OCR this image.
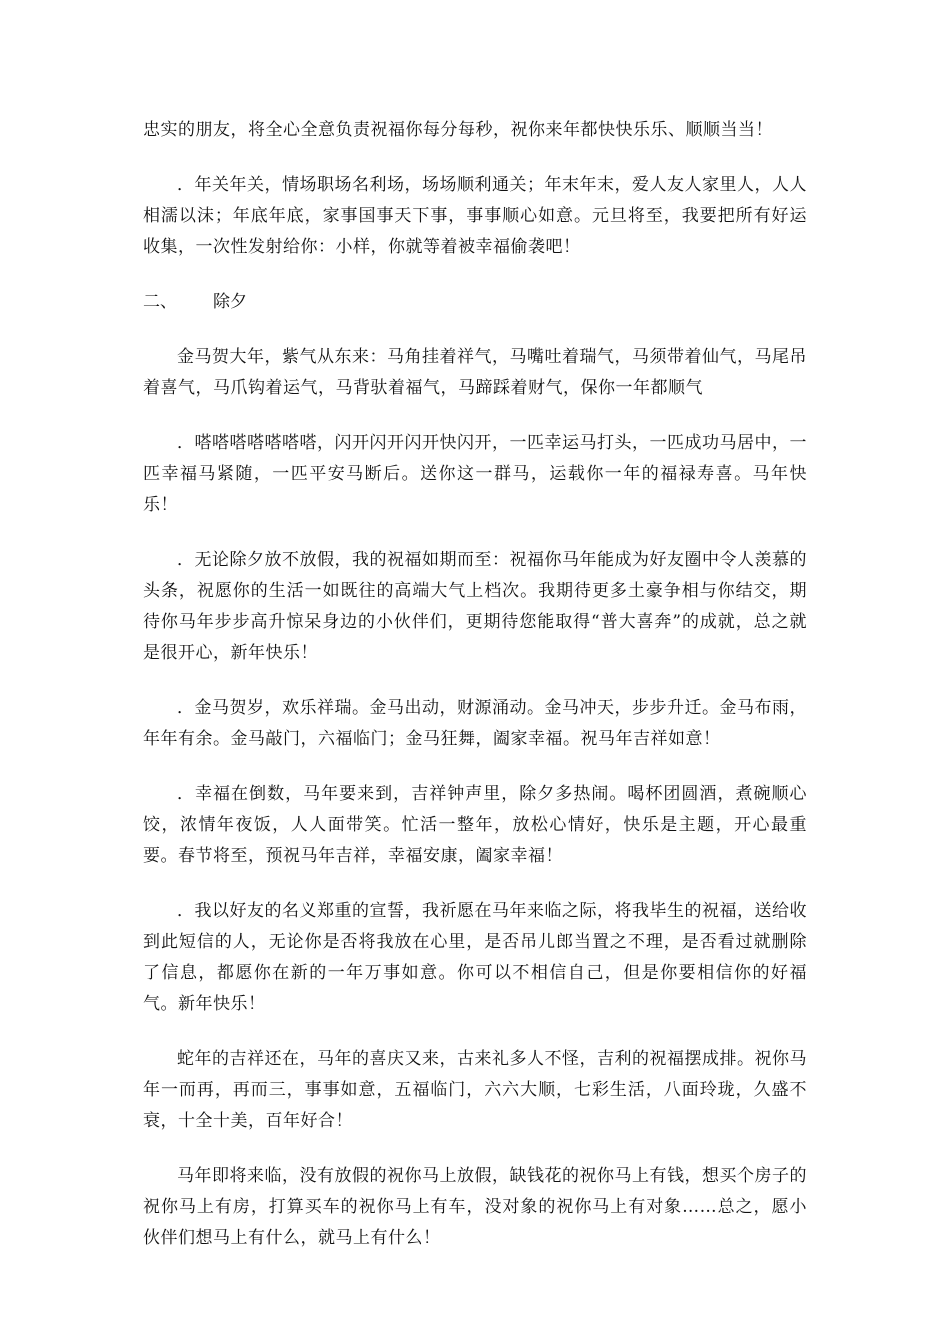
忠实的朋友，将全心全意负责祝福你每分每秒，祝你来年都快快乐乐、顺顺当当！

．年关年关，情场职场名利场，场场顺利通关；年末年末，爱人友人家里人，人人相濡以沫；年底年底，家事国事天下事，事事顺心如意。元旦将至，我要把所有好运收集，一次性发射给你：小样，你就等着被幸福偷袭吧！

二、	除夕

金马贺大年，紫气从东来：马角挂着祥气，马嘴吐着瑞气，马须带着仙气，马尾吊着喜气，马爪钩着运气，马背驮着福气，马蹄踩着财气，保你一年都顺气

．嗒嗒嗒嗒嗒嗒嗒，闪开闪开闪开快闪开，一匹幸运马打头，一匹成功马居中，一匹幸福马紧随，一匹平安马断后。送你这一群马，运载你一年的福禄寿喜。马年快乐！

．无论除夕放不放假，我的祝福如期而至：祝福你马年能成为好友圈中令人羡慕的头条，祝愿你的生活一如既往的高端大气上档次。我期待更多土豪争相与你结交，期待你马年步步高升惊呆身边的小伙伴们，更期待您能取得“普大喜奔”的成就，总之就是很开心，新年快乐！

．金马贺岁，欢乐祥瑞。金马出动，财源涌动。金马冲天，步步升迁。金马布雨，年年有余。金马敲门，六福临门；金马狂舞，阖家幸福。祝马年吉祥如意！

．幸福在倒数，马年要来到，吉祥钟声里，除夕多热闹。喝杯团圆酒，煮碗顺心饺，浓情年夜饭，人人面带笑。忙活一整年，放松心情好，快乐是主题，开心最重要。春节将至，预祝马年吉祥，幸福安康，阖家幸福！

．我以好友的名义郑重的宣誓，我祈愿在马年来临之际，将我毕生的祝福，送给收到此短信的人，无论你是否将我放在心里，是否吊儿郎当置之不理，是否看过就删除了信息，都愿你在新的一年万事如意。你可以不相信自己，但是你要相信你的好福气。新年快乐！

蛇年的吉祥还在，马年的喜庆又来，古来礼多人不怪，吉利的祝福摆成排。祝你马年一而再，再而三，事事如意，五福临门，六六大顺，七彩生活，八面玲珑，久盛不衰，十全十美，百年好合！

马年即将来临，没有放假的祝你马上放假，缺钱花的祝你马上有钱，想买个房子的祝你马上有房，打算买车的祝你马上有车，没对象的祝你马上有对象……总之，愿小伙伴们想马上有什么，就马上有什么！
